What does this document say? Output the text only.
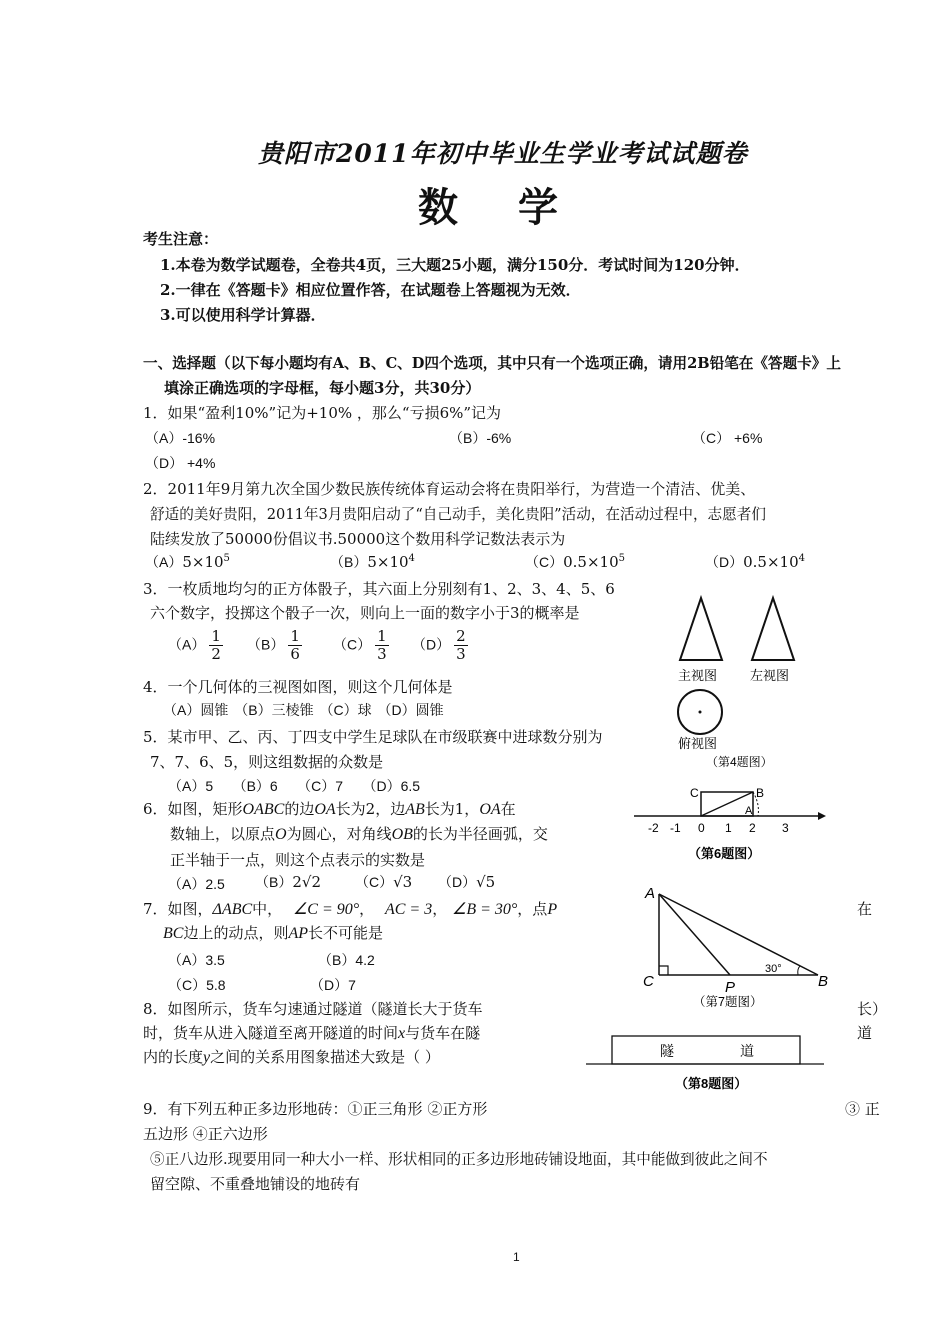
贵阳市2011年初中毕业生学业考试试题卷
数学
考生注意：
1.本卷为数学试题卷，全卷共4页，三大题25小题，满分150分．考试时间为120分钟．
2.一律在《答题卡》相应位置作答，在试题卷上答题视为无效．
3.可以使用科学计算器．
一、选择题（以下每小题均有A、B、C、D四个选项，其中只有一个选项正确，请用2B铅笔在《答题卡》上
填涂正确选项的字母框，每小题3分，共30分）
1．如果“盈利10%”记为+10% ，那么“亏损6%”记为
（A）-16%	（B）-6%	（C） +6%
（D） +4%
2．2011年9月第九次全国少数民族传统体育运动会将在贵阳举行，为营造一个清洁、优美、
舒适的美好贵阳，2011年3月贵阳启动了“自己动手，美化贵阳”活动，在活动过程中，志愿者们
陆续发放了50000份倡议书.50000这个数用科学记数法表示为
$(A)5\times 10^5$	$(B)5\times 10^4$	$(C)0.5\times 10^5$	$(D)0.5\times 10^4$
3．一枚质地均匀的正方体骰子，其六面上分别刻有1、2、3、4、5、6
六个数字，投掷这个骰子一次，则向上一面的数字小于3的概率是
$(A) \frac{1}{2} (B) \frac{1}{6} (C) \frac{1}{3} (D) \frac{2}{3}$
4．一个几何体的三视图如图，则这个几何体是
（A）圆锥 （B）三棱锥 （C）球 （D）圆锥
主视图	左视图
俯视图
（第4题图）
5．某市甲、乙、丙、丁四支中学生足球队在市级联赛中进球数分别为
7、7、6、5，则这组数据的众数是
（A）5     （B）6     （C）7     （D）6.5
6．如图，矩形OABC的边OA长为2，边AB长为1，OA在
数轴上，以原点O为圆心，对角线OB的长为半径画弧，交
正半轴于一点，则这个点表示的实数是
（A）2.5 （B）2√2 （C）√3 （D）√5
-2 -1 0 1 2 3
C	B
A
（第6题图）
7．如图，ΔABC中， ∠C = 90°， AC = 3， ∠B = 30°，点P	在
BC边上的动点，则AP长不可能是
（A）3.5	（B）4.2
（C）5.8	（D）7
A
C	P	B
30°
（第7题图）
8．如图所示，货车匀速通过隧道（隧道长大于货车	长）
时，货车从进入隧道至离开隧道的时间x与货车在隧	道
内的长度y之间的关系用图象描述大致是（ ）	隧	道
（第8题图）
9．有下列五种正多边形地砖：①正三角形 ②正方形	③ 正
五边形 ④正六边形
⑤正八边形.现要用同一种大小一样、形状相同的正多边形地砖铺设地面，其中能做到彼此之间不
留空隙、不重叠地铺设的地砖有
1
